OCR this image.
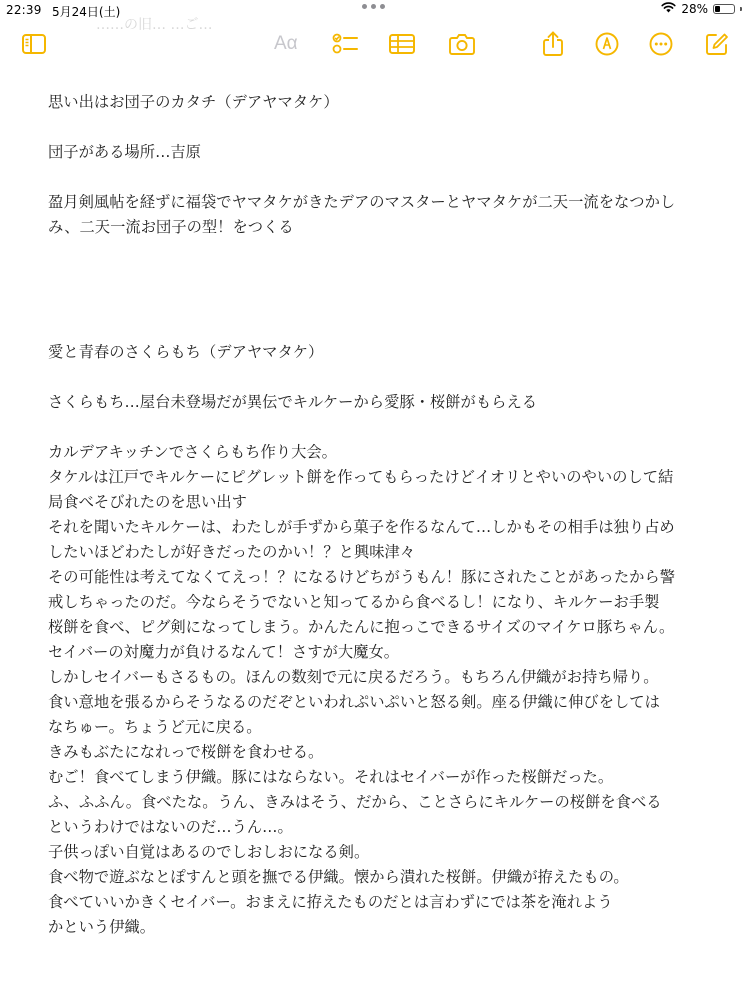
22:39 5月24日(土)	28%
……の旧… …ご…
Aα

思い出はお団子のカタチ（デアヤマタケ）

団子がある場所…吉原

盈月剣風帖を経ずに福袋でヤマタケがきたデアのマスターとヤマタケが二天一流をなつかし

み、二天一流お団子の型！をつくる

愛と青春のさくらもち（デアヤマタケ）

さくらもち…屋台未登場だが異伝でキルケーから愛豚・桜餅がもらえる

カルデアキッチンでさくらもち作り大会。

タケルは江戸でキルケーにピグレット餅を作ってもらったけどイオリとやいのやいのして結

局食べそびれたのを思い出す

それを聞いたキルケーは、わたしが手ずから菓子を作るなんて…しかもその相手は独り占め

したいほどわたしが好きだったのかい！？と興味津々

その可能性は考えてなくてえっ！？になるけどちがうもん！豚にされたことがあったから警

戒しちゃったのだ。今ならそうでないと知ってるから食べるし！になり、キルケーお手製

桜餅を食べ、ピグ剣になってしまう。かんたんに抱っこできるサイズのマイケロ豚ちゃん。

セイバーの対魔力が負けるなんて！さすが大魔女。

しかしセイバーもさるもの。ほんの数刻で元に戻るだろう。もちろん伊織がお持ち帰り。

食い意地を張るからそうなるのだぞといわれぷいぷいと怒る剣。座る伊織に伸びをしては

なちゅー。ちょうど元に戻る。

きみもぶたになれっで桜餅を食わせる。

むご！食べてしまう伊織。豚にはならない。それはセイバーが作った桜餅だった。

ふ、ふふん。食べたな。うん、きみはそう、だから、ことさらにキルケーの桜餅を食べる

というわけではないのだ…うん…。

子供っぽい自覚はあるのでしおしおになる剣。

食べ物で遊ぶなとぽすんと頭を撫でる伊織。懐から潰れた桜餅。伊織が拵えたもの。

食べていいかきくセイバー。おまえに拵えたものだとは言わずにでは茶を淹れよう

かという伊織。
